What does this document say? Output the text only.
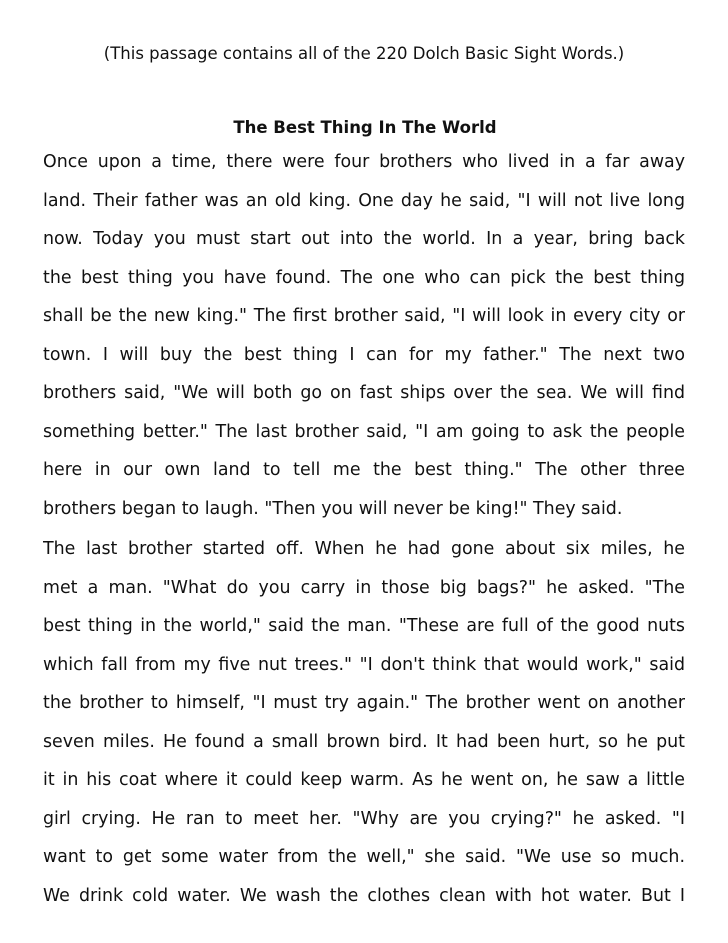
(This passage contains all of the 220 Dolch Basic Sight Words.)
The Best Thing In The World
Once upon a time, there were four brothers who lived in a far away
land. Their father was an old king. One day he said, "I will not live long
now. Today you must start out into the world. In a year, bring back
the best thing you have found. The one who can pick the best thing
shall be the new king." The first brother said, "I will look in every city or
town. I will buy the best thing I can for my father." The next two
brothers said, "We will both go on fast ships over the sea. We will find
something better." The last brother said, "I am going to ask the people
here in our own land to tell me the best thing." The other three
brothers began to laugh. "Then you will never be king!" They said.
The last brother started off. When he had gone about six miles, he
met a man. "What do you carry in those big bags?" he asked. "The
best thing in the world," said the man. "These are full of the good nuts
which fall from my five nut trees." "I don't think that would work," said
the brother to himself, "I must try again." The brother went on another
seven miles. He found a small brown bird. It had been hurt, so he put
it in his coat where it could keep warm. As he went on, he saw a little
girl crying. He ran to meet her. "Why are you crying?" he asked. "I
want to get some water from the well," she said. "We use so much.
We drink cold water. We wash the clothes clean with hot water. But I
